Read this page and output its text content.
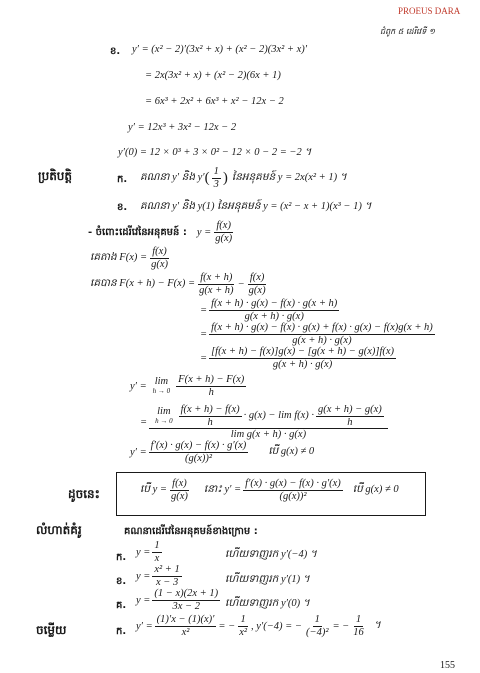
PROEUS DARA
ជំពូក ៥ ដេរីវេទី ១
ខ. y′ = (x² − 2)′(3x² + x) + (x² − 2)(3x² + x)′
= 2x(3x² + x) + (x² − 2)(6x + 1)
= 6x³ + 2x² + 6x³ + x² − 12x − 2
y′ = 12x³ + 3x² − 12x − 2
y′(0) = 12 × 0³ + 3 × 0² − 12 × 0 − 2 = −2 ។
ប្រតិបត្តិ	ក. គណនា y′ និង y′ ( $\frac{1}{3}$ ) នៃអនុគមន៍ y = 2x(x² + 1) ។
ខ. គណនា y′ និង y(1) នៃអនុគមន៍ y = (x² − x + 1)(x³ − 1) ។
- ចំពោះដេរីវេនៃអនុគមន៍ : $y = \frac{f(x)}{g(x)}$
គេតាង $F(x) = \frac{f(x)}{g(x)}$
គេបាន $F(x + h) - F(x) = \frac{f(x + h)}{g(x + h)} - \frac{f(x)}{g(x)}$
= $\frac{f(x + h) \cdot g(x) - f(x) \cdot g(x + h)}{g(x + h) \cdot g(x)}$
= $\frac{f(x + h) \cdot g(x) - f(x) \cdot g(x) + f(x) \cdot g(x) - f(x)g(x + h)}{g(x + h) \cdot g(x)}$
= $\frac{[f(x + h) - f(x)]g(x) - [g(x + h) - g(x)]f(x)}{g(x + h) \cdot g(x)}$
y′ = lim
$h \to 0 \frac{F(x + h) - F(x)}{h}$
=
lim
$h \to 0 \frac{f(x + h) - f(x)}{h} \cdot g(x) - \lim f(x) \cdot \frac{g(x + h) - g(x)}{h}$
lim g(x + h) · g(x)
$y' = \frac{f'(x) \cdot g(x) - f(x) \cdot g'(x)}{\text{(g(x))²}}$ បើ g(x) ≠ 0
ដូចនេះ	បើ $y = \frac{f(x)}{g(x)}$ នោះ $y' = \frac{f'(x) \cdot g(x) - f(x) \cdot g'(x)}{\text{(g(x))²}}$ បើ g(x) ≠ 0
លំហាត់គំរូ	គណនាដេរីវេនៃអនុគមន៍ខាងក្រោម :
ក. $y = \frac{1}{x}$	ហើយទាញរក y′(−4) ។
ខ. $y = \frac{\text{x² + 1}}{x - 3}$	ហើយទាញរក y′(1) ។
គ. $y = \frac{(1 - x)(2x + 1)}{3x - 2}$ ហើយទាញរក y′(0) ។
ចម្លើយ	ក. $y' = \frac{(1)'x - (1)(x)'}{\text{x²}}$ = − $\frac{1}{\text{x²}}$ , y′(−4) = − $\frac{1}{\text{(−4)²}}$ = − $\frac{1}{16}$ ។
155
